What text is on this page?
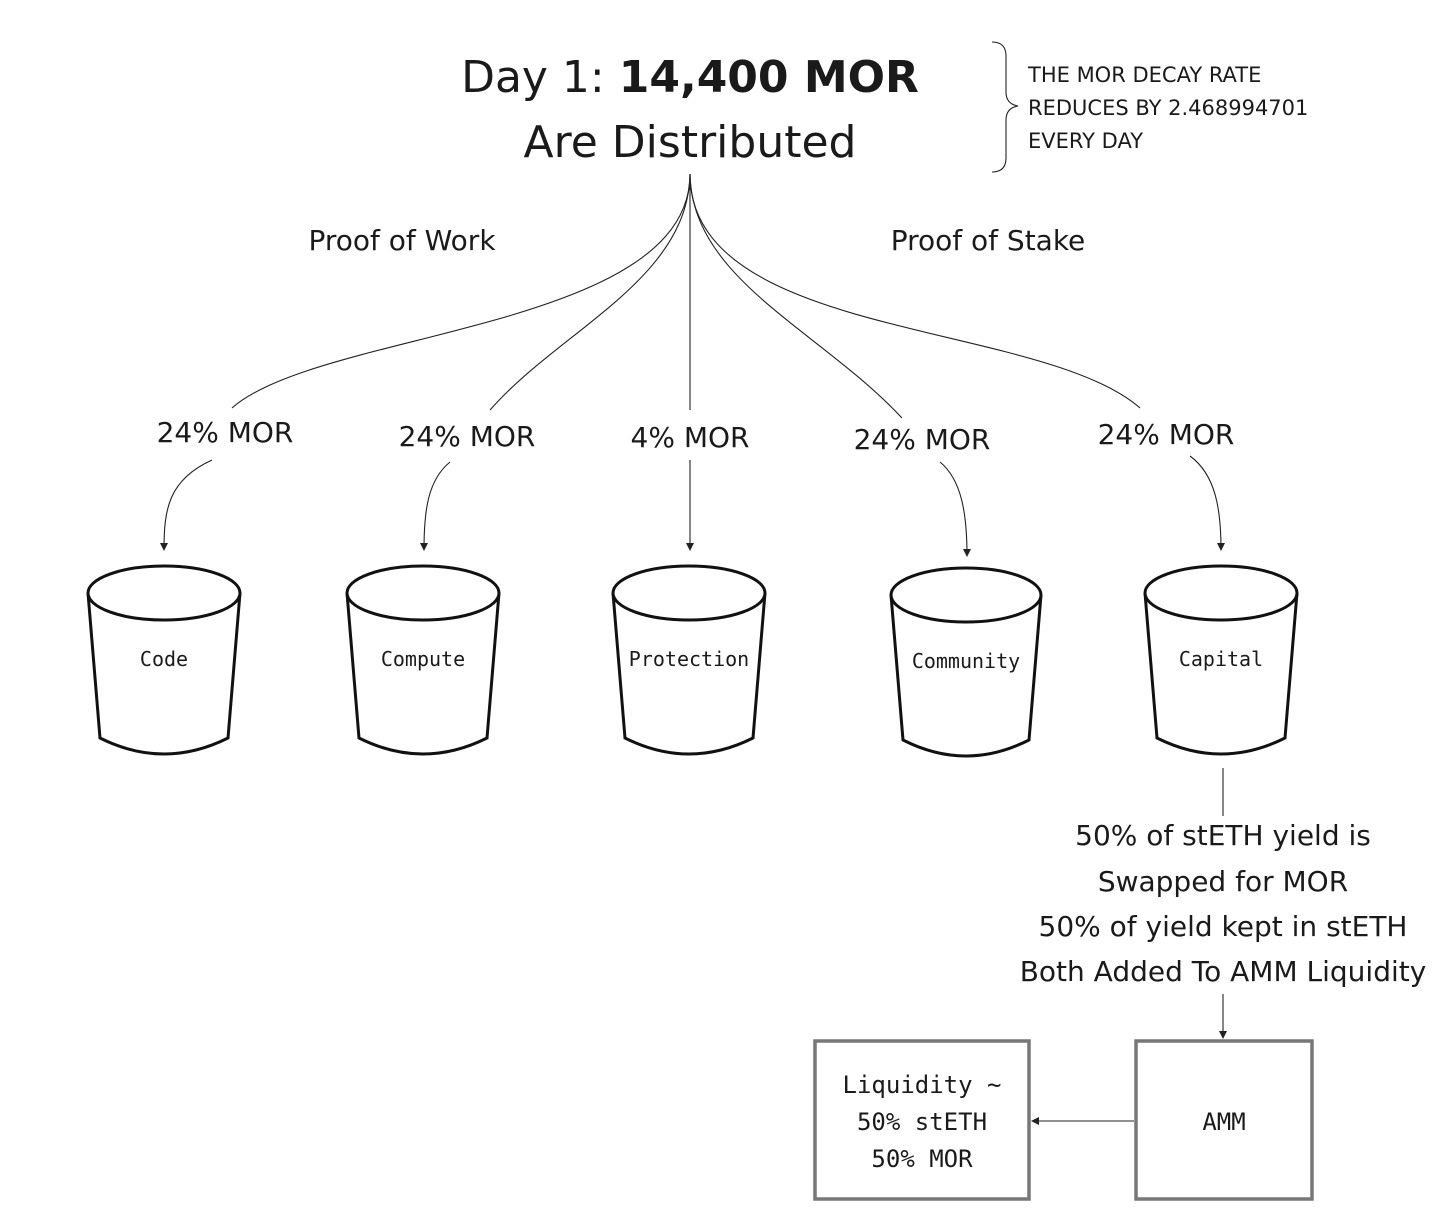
Day 1: 14,400 MOR
Are Distributed
THE MOR DECAY RATE
REDUCES BY 2.468994701
EVERY DAY
Proof of Work	Proof of Stake
24% MOR	24% MOR	4% MOR	24% MOR	24% MOR
Code	Compute	Protection	Community	Capital
50% of stETH yield is
Swapped for MOR
50% of yield kept in stETH
Both Added To AMM Liquidity
AMM
Liquidity ~
50% stETH
50% MOR
